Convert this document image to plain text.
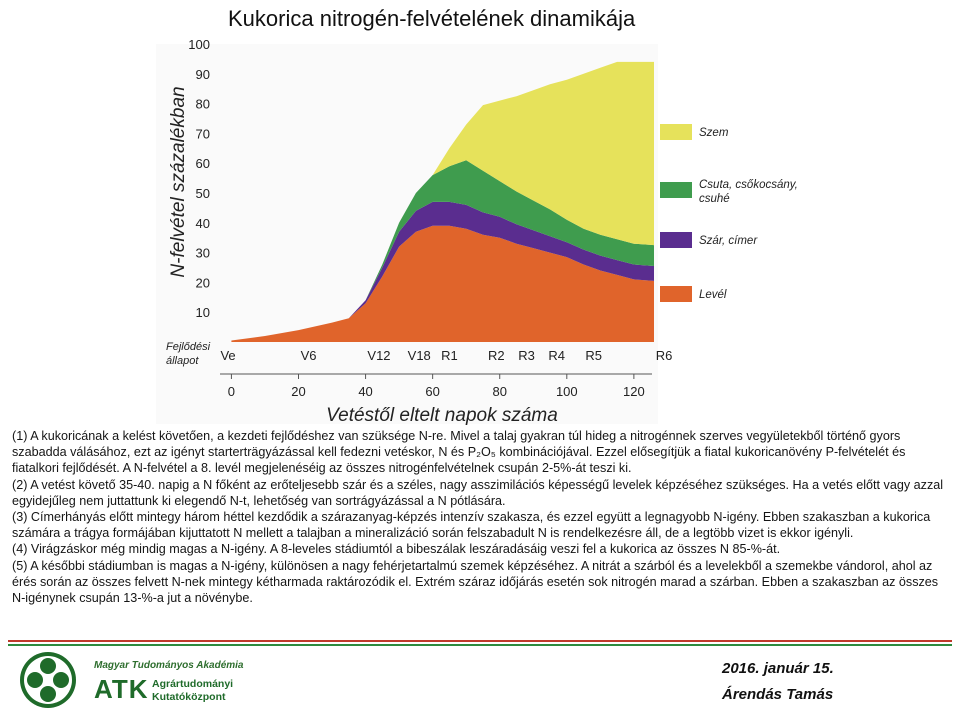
Kukorica nitrogén-felvételének dinamikája
10
20
30
40
50
60
70
80
90
100
N-felvétel százalékban
Fejlődési
állapot Ve	V6	V12 V18 R1 R2 R3 R4 R5	R6
0	20	40	60	80	100	120
Vetéstől eltelt napok száma
Szem
Csuta, csőkocsány,
csuhé
Szár, címer
Levél

(1) A kukoricának a kelést követően, a kezdeti fejlődéshez van szüksége N-re. Mivel a talaj gyakran túl hideg a nitrogénnek szerves vegyületekből történő gyors szabadda válásához, ezt az igényt starterträgyázással kell fedezni vetéskor, N és P₂O₅ kombinációjával. Ezzel elősegítjük a fiatal kukoricanövény P-felvételét és fiatalkori fejlődését. A N-felvétel a 8. levél megjelenéséig az összes nitrogénfelvételnek csupán 2-5%-át teszi ki.

(2) A vetést követő 35-40. napig a N főként az erőteljesebb szár és a széles, nagy asszimilációs képességű levelek képzéséhez szükséges. Ha a vetés előtt vagy azzal egyidejűleg nem juttattunk ki elegendő N-t, lehetőség van sortrágyázással a N pótlására.

(3) Címerhányás előtt mintegy három héttel kezdődik a szárazanyag-képzés intenzív szakasza, és ezzel együtt a legnagyobb N-igény. Ebben szakaszban a kukorica számára a trágya formájában kijuttatott N mellett a talajban a mineralizáció során felszabadult N is rendelkezésre áll, de a legtöbb vizet is ekkor igényli.

(4) Virágzáskor még mindig magas a N-igény. A 8-leveles stádiumtól a bibeszálak leszáradásáig veszi fel a kukorica az összes N 85-%-át.

(5) A későbbi stádiumban is magas a N-igény, különösen a nagy fehérjetartalmú szemek képzéséhez. A nitrát a szárból és a levelekből a szemekbe vándorol, ahol az érés során az összes felvett N-nek mintegy kétharmada raktározódik el. Extrém száraz időjárás esetén sok nitrogén marad a szárban. Ebben a szakaszban az összes N-igénynek csupán 13-%-a jut a növénybe.

Magyar Tudományos Akadémia
ATK Agrártudományi
Kutatóközpont
2016. január 15.
Árendás Tamás
